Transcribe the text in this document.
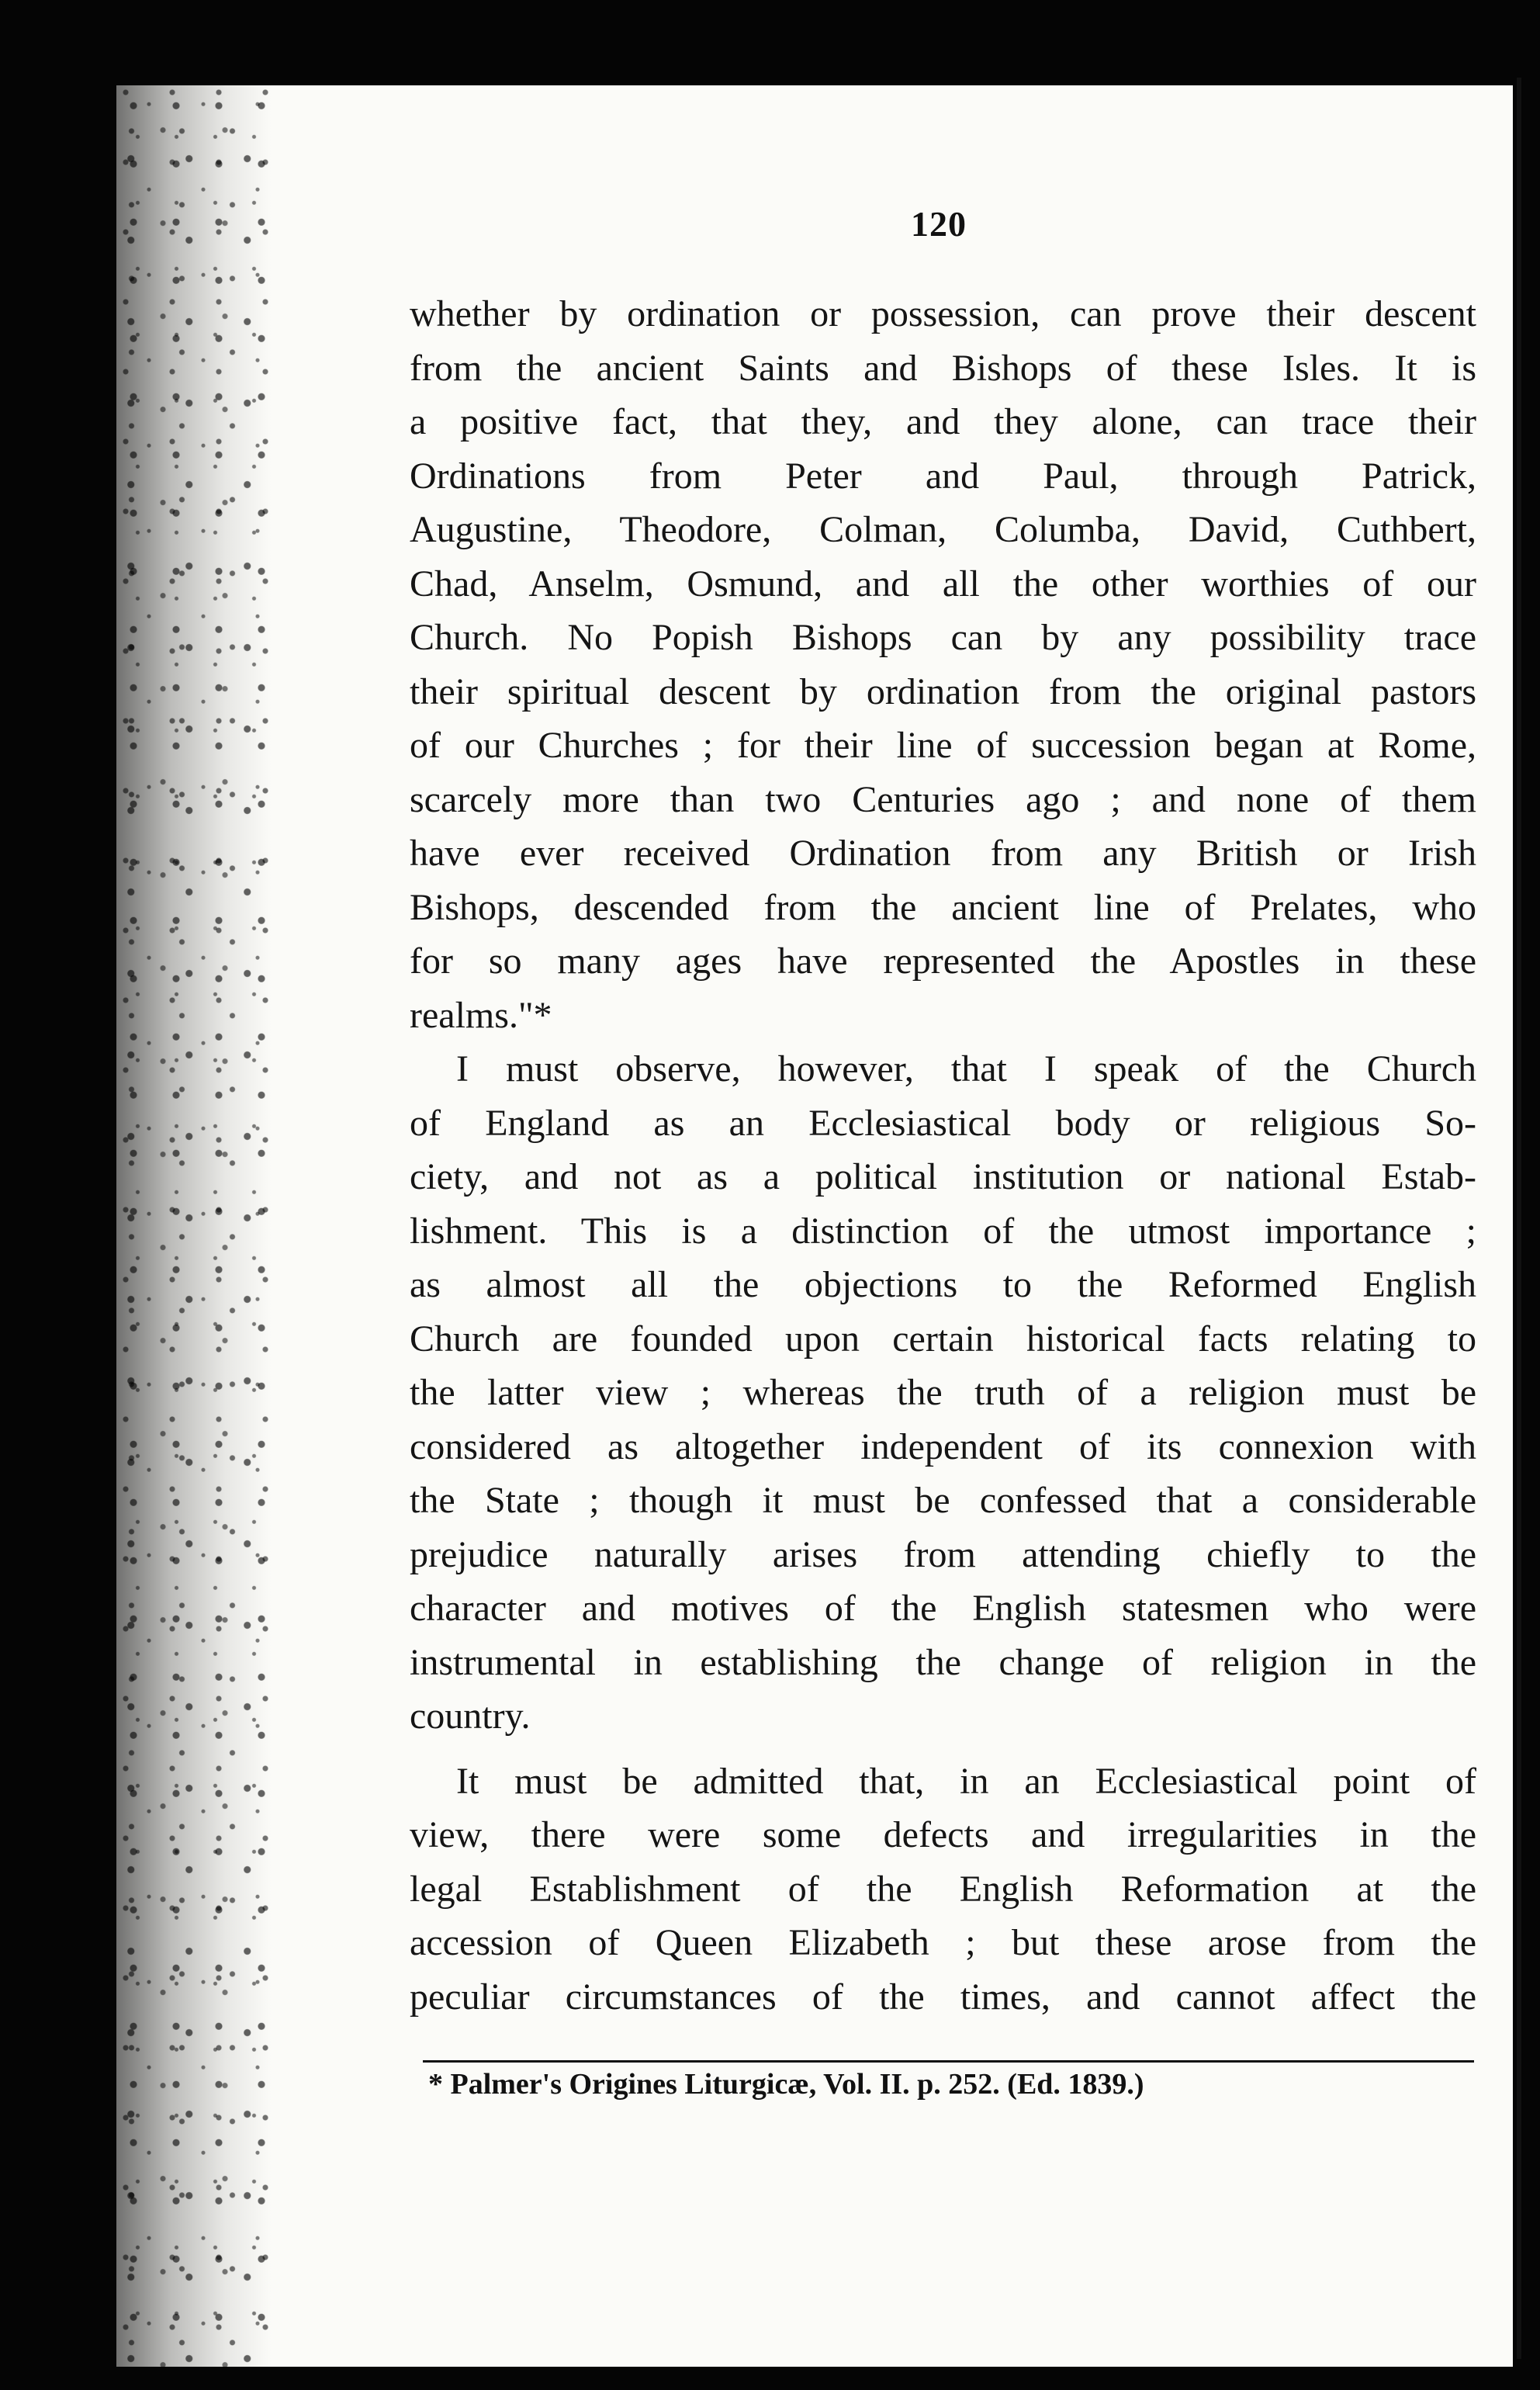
120
whether by ordination or possession, can prove their descent
from the ancient Saints and Bishops of these Isles. It is
a positive fact, that they, and they alone, can trace their
Ordinations from Peter and Paul, through Patrick,
Augustine, Theodore, Colman, Columba, David, Cuthbert,
Chad, Anselm, Osmund, and all the other worthies of our
Church. No Popish Bishops can by any possibility trace
their spiritual descent by ordination from the original pastors
of our Churches ; for their line of succession began at Rome,
scarcely more than two Centuries ago ; and none of them
have ever received Ordination from any British or Irish
Bishops, descended from the ancient line of Prelates, who
for so many ages have represented the Apostles in these
realms."*
I must observe, however, that I speak of the Church
of England as an Ecclesiastical body or religious So-
ciety, and not as a political institution or national Estab-
lishment. This is a distinction of the utmost importance ;
as almost all the objections to the Reformed English
Church are founded upon certain historical facts relating to
the latter view ; whereas the truth of a religion must be
considered as altogether independent of its connexion with
the State ; though it must be confessed that a considerable
prejudice naturally arises from attending chiefly to the
character and motives of the English statesmen who were
instrumental in establishing the change of religion in the
country.
It must be admitted that, in an Ecclesiastical point of
view, there were some defects and irregularities in the
legal Establishment of the English Reformation at the
accession of Queen Elizabeth ; but these arose from the
peculiar circumstances of the times, and cannot affect the
* Palmer's Origines Liturgicæ, Vol. II. p. 252. (Ed. 1839.)
